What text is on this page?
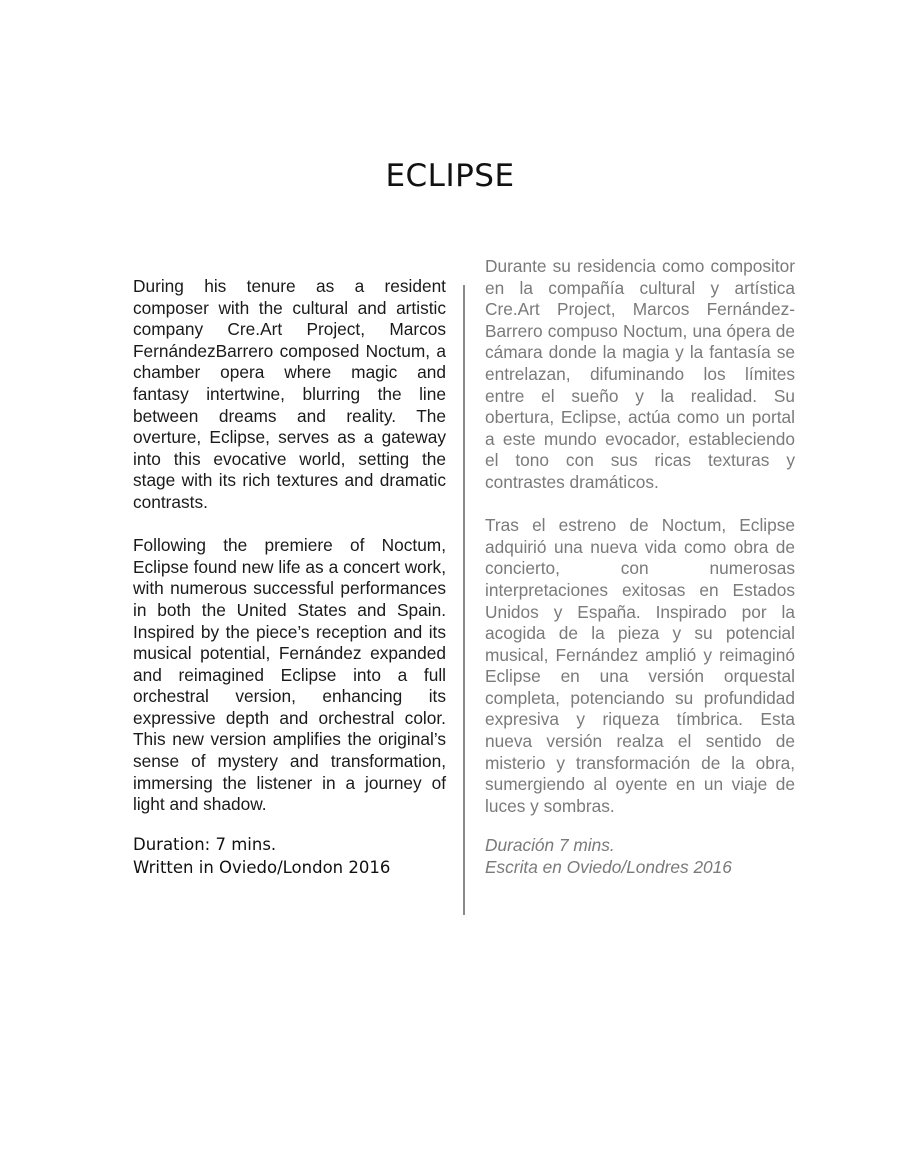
ECLIPSE

During his tenure as a resident composer with the cultural and artistic company Cre.Art Project, Marcos FernándezBarrero composed Noctum, a chamber opera where magic and fantasy intertwine, blurring the line between dreams and reality. The overture, Eclipse, serves as a gateway into this evocative world, setting the stage with its rich textures and dramatic contrasts.

Following the premiere of Noctum, Eclipse found new life as a concert work, with numerous successful performances in both the United States and Spain. Inspired by the piece’s reception and its musical potential, Fernández expanded and reimagined Eclipse into a full orchestral version, enhancing its expressive depth and orchestral color. This new version amplifies the original’s sense of mystery and transformation, immersing the listener in a journey of light and shadow.

Duration: 7 mins.
Written in Oviedo/London 2016

Durante su residencia como compositor en la compañía cultural y artística Cre.Art Project, Marcos Fernández-Barrero compuso Noctum, una ópera de cámara donde la magia y la fantasía se entrelazan, difuminando los límites entre el sueño y la realidad. Su obertura, Eclipse, actúa como un portal a este mundo evocador, estableciendo el tono con sus ricas texturas y contrastes dramáticos.

Tras el estreno de Noctum, Eclipse adquirió una nueva vida como obra de concierto, con numerosas interpretaciones exitosas en Estados Unidos y España. Inspirado por la acogida de la pieza y su potencial musical, Fernández amplió y reimaginó Eclipse en una versión orquestal completa, potenciando su profundidad expresiva y riqueza tímbrica. Esta nueva versión realza el sentido de misterio y transformación de la obra, sumergiendo al oyente en un viaje de luces y sombras.

Duración 7 mins.
Escrita en Oviedo/Londres 2016
